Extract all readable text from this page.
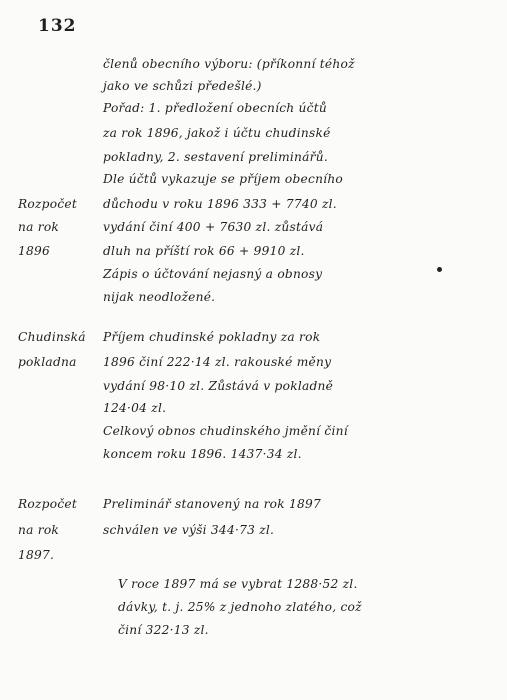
132
Rozpočet
na rok
1896
Chudinská
pokladna
Rozpočet
na rok
1897.
členů obecního výboru: (příkonní téhož
jako ve schůzi předešlé.)
Pořad: 1. předložení obecních účtů
za rok 1896, jakož i účtu chudinské
pokladny, 2. sestavení preliminářů.
Dle účtů vykazuje se příjem obecního
důchodu v roku 1896 333 + 7740 zl.
vydání činí 400 + 7630 zl. zůstává
dluh na příští rok 66 + 9910 zl.
Zápis o účtování nejasný a obnosy
nijak neodložené.
Příjem chudinské pokladny za rok
1896 činí 222·14 zl. rakouské měny
vydání 98·10 zl. Zůstává v pokladně
124·04 zl.
Celkový obnos chudinského jmění činí
koncem roku 1896. 1437·34 zl.
Preliminář stanovený na rok 1897
schválen ve výši 344·73 zl.
V roce 1897 má se vybrat 1288·52 zl.
dávky, t. j. 25% z jednoho zlatého, což
činí 322·13 zl.
